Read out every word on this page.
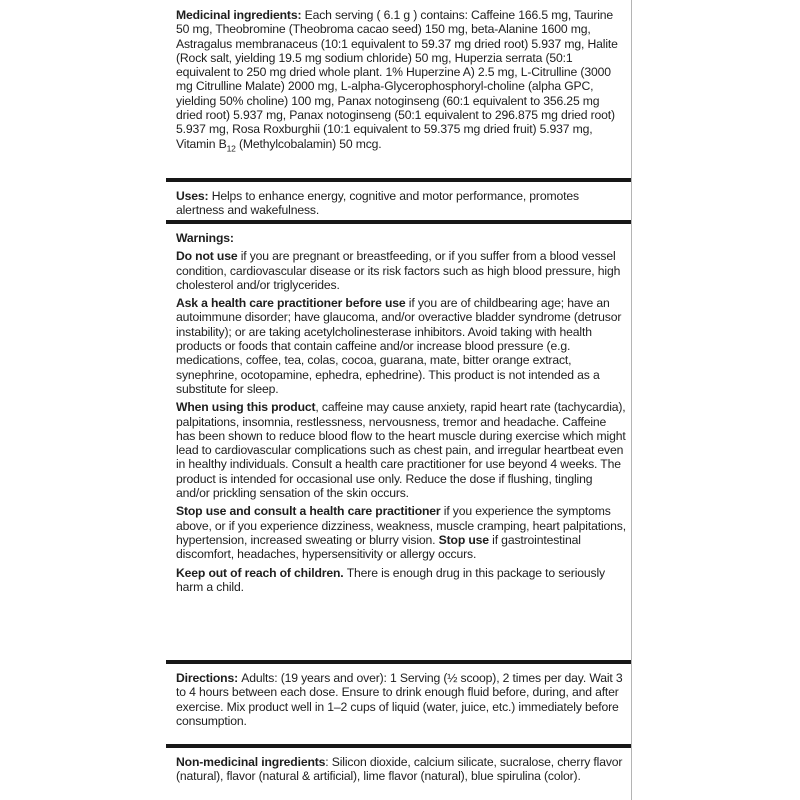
Medicinal ingredients: Each serving ( 6.1 g ) contains: Caffeine 166.5 mg, Taurine 50 mg, Theobromine (Theobroma cacao seed) 150 mg, beta-Alanine 1600 mg, Astragalus membranaceus (10:1 equivalent to 59.37 mg dried root) 5.937 mg, Halite (Rock salt, yielding 19.5 mg sodium chloride) 50 mg, Huperzia serrata (50:1 equivalent to 250 mg dried whole plant. 1% Huperzine A) 2.5 mg, L-Citrulline (3000 mg Citrulline Malate) 2000 mg, L-alpha-Glycerophosphoryl-choline (alpha GPC, yielding 50% choline) 100 mg, Panax notoginseng (60:1 equivalent to 356.25 mg dried root) 5.937 mg, Panax notoginseng (50:1 equivalent to 296.875 mg dried root) 5.937 mg, Rosa Roxburghii (10:1 equivalent to 59.375 mg dried fruit) 5.937 mg, Vitamin $B_{12}$ (Methylcobalamin) 50 mcg.

Uses: Helps to enhance energy, cognitive and motor performance, promotes alertness and wakefulness.

Warnings:

Do not use if you are pregnant or breastfeeding, or if you suffer from a blood vessel condition, cardiovascular disease or its risk factors such as high blood pressure, high cholesterol and/or triglycerides.

Ask a health care practitioner before use if you are of childbearing age; have an autoimmune disorder; have glaucoma, and/or overactive bladder syndrome (detrusor instability); or are taking acetylcholinesterase inhibitors. Avoid taking with health products or foods that contain caffeine and/or increase blood pressure (e.g. medications, coffee, tea, colas, cocoa, guarana, mate, bitter orange extract, synephrine, ocotopamine, ephedra, ephedrine). This product is not intended as a substitute for sleep.

When using this product, caffeine may cause anxiety, rapid heart rate (tachycardia), palpitations, insomnia, restlessness, nervousness, tremor and headache. Caffeine has been shown to reduce blood flow to the heart muscle during exercise which might lead to cardiovascular complications such as chest pain, and irregular heartbeat even in healthy individuals. Consult a health care practitioner for use beyond 4 weeks. The product is intended for occasional use only. Reduce the dose if flushing, tingling and/or prickling sensation of the skin occurs.

Stop use and consult a health care practitioner if you experience the symptoms above, or if you experience dizziness, weakness, muscle cramping, heart palpitations, hypertension, increased sweating or blurry vision. Stop use if gastrointestinal discomfort, headaches, hypersensitivity or allergy occurs.

Keep out of reach of children. There is enough drug in this package to seriously harm a child.

Directions: Adults: (19 years and over): 1 Serving (½ scoop), 2 times per day. Wait 3 to 4 hours between each dose. Ensure to drink enough fluid before, during, and after exercise. Mix product well in 1–2 cups of liquid (water, juice, etc.) immediately before consumption.

Non-medicinal ingredients: Silicon dioxide, calcium silicate, sucralose, cherry flavor (natural), flavor (natural & artificial), lime flavor (natural), blue spirulina (color).
